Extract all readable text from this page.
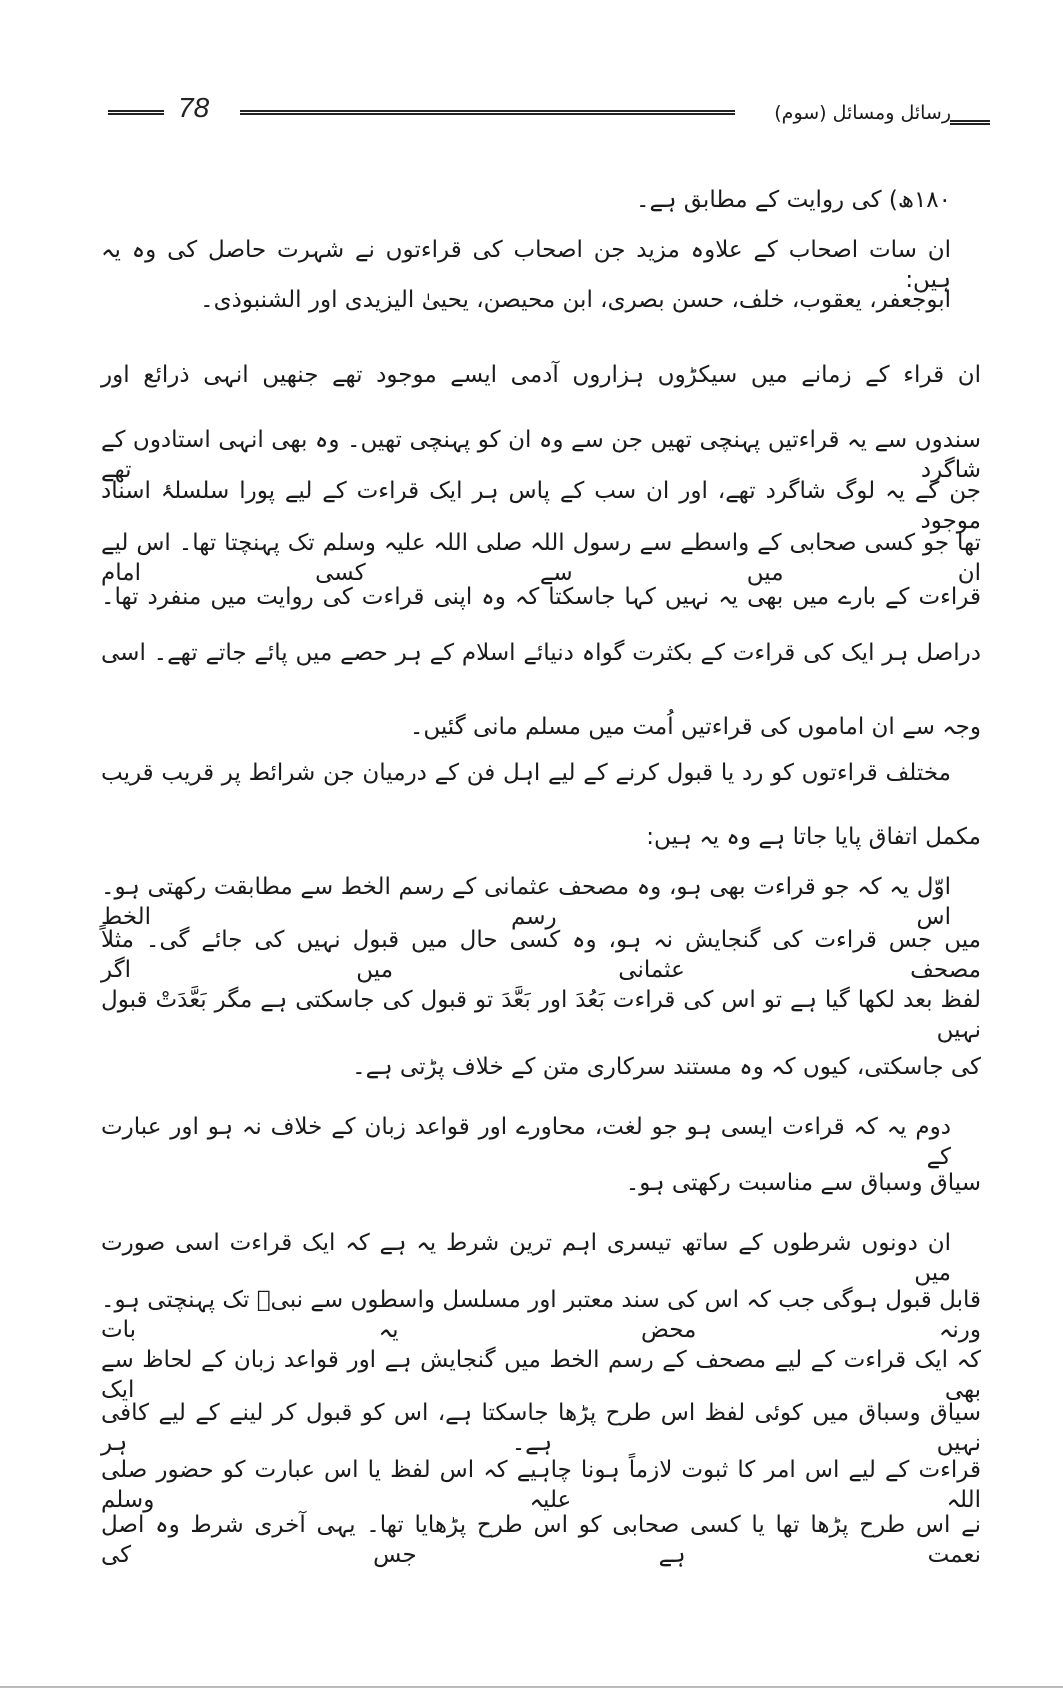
78	رسائل ومسائل (سوم)
۱۸۰ھ) کی روایت کے مطابق ہے۔
ان سات اصحاب کے علاوہ مزید جن اصحاب کی قراءتوں نے شہرت حاصل کی وہ یہ ہیں:
ابوجعفر، یعقوب، خلف، حسن بصری، ابن محیصن، یحییٰ الیزیدی اور الشنبوذی۔
ان قراء کے زمانے میں سیکڑوں ہزاروں آدمی ایسے موجود تھے جنھیں انہی ذرائع اور
سندوں سے یہ قراءتیں پہنچی تھیں جن سے وہ ان کو پہنچی تھیں۔ وہ بھی انہی استادوں کے شاگرد تھے
جن کے یہ لوگ شاگرد تھے، اور ان سب کے پاس ہر ایک قراءت کے لیے پورا سلسلۂ اسناد موجود
تھا جو کسی صحابی کے واسطے سے رسول اللہ صلی اللہ علیہ وسلم تک پہنچتا تھا۔ اس لیے ان میں سے کسی امام
قراءت کے بارے میں بھی یہ نہیں کہا جاسکتا کہ وہ اپنی قراءت کی روایت میں منفرد تھا۔
دراصل ہر ایک کی قراءت کے بکثرت گواہ دنیائے اسلام کے ہر حصے میں پائے جاتے تھے۔ اسی
وجہ سے ان اماموں کی قراءتیں اُمت میں مسلم مانی گئیں۔
مختلف قراءتوں کو رد یا قبول کرنے کے لیے اہل فن کے درمیان جن شرائط پر قریب قریب
مکمل اتفاق پایا جاتا ہے وہ یہ ہیں:
اوّل یہ کہ جو قراءت بھی ہو، وہ مصحف عثمانی کے رسم الخط سے مطابقت رکھتی ہو۔ اس رسم الخط
میں جس قراءت کی گنجایش نہ ہو، وہ کسی حال میں قبول نہیں کی جائے گی۔ مثلاً مصحف عثمانی میں اگر
لفظ بعد لکھا گیا ہے تو اس کی قراءت بَعُدَ اور بَعَّدَ تو قبول کی جاسکتی ہے مگر بَعَّدَتْ قبول نہیں
کی جاسکتی، کیوں کہ وہ مستند سرکاری متن کے خلاف پڑتی ہے۔
دوم یہ کہ قراءت ایسی ہو جو لغت، محاورے اور قواعد زبان کے خلاف نہ ہو اور عبارت کے
سیاق وسباق سے مناسبت رکھتی ہو۔
ان دونوں شرطوں کے ساتھ تیسری اہم ترین شرط یہ ہے کہ ایک قراءت اسی صورت میں
قابل قبول ہوگی جب کہ اس کی سند معتبر اور مسلسل واسطوں سے نبیؐ تک پہنچتی ہو۔ ورنہ محض یہ بات
کہ ایک قراءت کے لیے مصحف کے رسم الخط میں گنجایش ہے اور قواعد زبان کے لحاظ سے بھی ایک
سیاق وسباق میں کوئی لفظ اس طرح پڑھا جاسکتا ہے، اس کو قبول کر لینے کے لیے کافی نہیں ہے۔ ہر
قراءت کے لیے اس امر کا ثبوت لازماً ہونا چاہیے کہ اس لفظ یا اس عبارت کو حضور صلی اللہ علیہ وسلم
نے اس طرح پڑھا تھا یا کسی صحابی کو اس طرح پڑھایا تھا۔ یہی آخری شرط وہ اصل نعمت ہے جس کی
